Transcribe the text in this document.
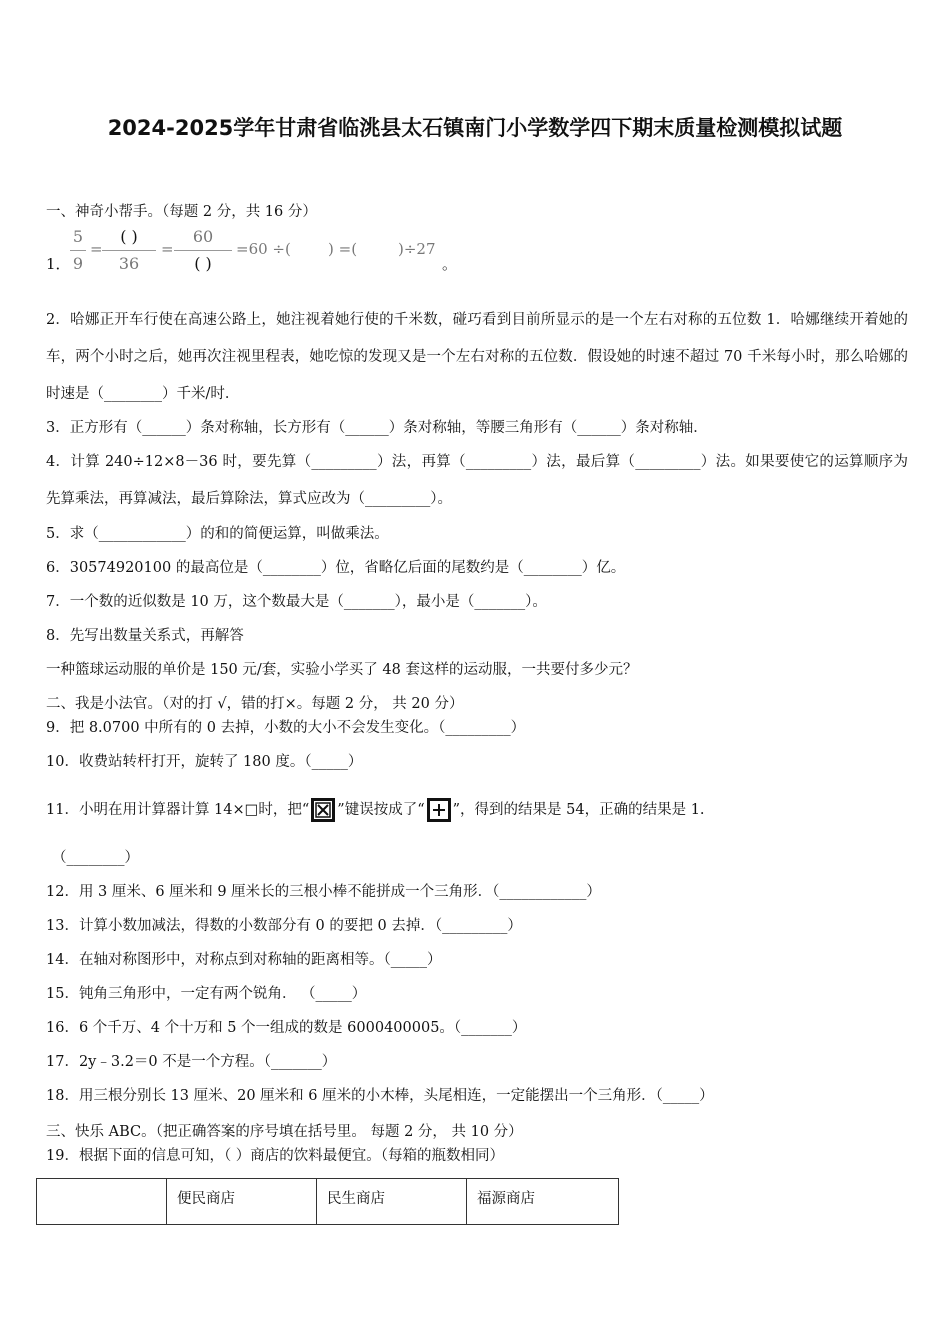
2024-2025学年甘肃省临洮县太石镇南门小学数学四下期末质量检测模拟试题
一、神奇小帮手。（每题 2 分，共 16 分）
1．
5
9
=
( )
36
=
60
( )
=60 ÷( ) =(	)÷27
。
2．哈娜正开车行使在高速公路上，她注视着她行使的千米数，碰巧看到目前所显示的是一个左右对称的五位数 1．哈娜继续开着她的车，两个小时之后，她再次注视里程表，她吃惊的发现又是一个左右对称的五位数．假设她的时速不超过 70 千米每小时，那么哈娜的时速是（________）千米/时．
3．正方形有（______）条对称轴，长方形有（______）条对称轴，等腰三角形有（______）条对称轴．
4．计算 240÷12×8－36 时，要先算（_________）法，再算（_________）法，最后算（_________）法。如果要使它的运算顺序为先算乘法，再算减法，最后算除法，算式应改为（_________）。
5．求（____________）的和的简便运算，叫做乘法。
6．30574920100 的最高位是（________）位，省略亿后面的尾数约是（________）亿。
7．一个数的近似数是 10 万，这个数最大是（_______），最小是（_______）。
8．先写出数量关系式，再解答
一种篮球运动服的单价是 150 元/套，实验小学买了 48 套这样的运动服，一共要付多少元？
二、我是小法官。（对的打 √，错的打×。每题 2 分， 共 20 分）
9．把 8.0700 中所有的 0 去掉，小数的大小不会发生变化。（_________）
10．收费站转杆打开，旋转了 180 度。（_____）
11．小明在用计算器计算 14×□时，把“ ”键误按成了“ ”，得到的结果是 54，正确的结果是 1.
（________）
12．用 3 厘米、6 厘米和 9 厘米长的三根小棒不能拼成一个三角形．（____________）
13．计算小数加减法，得数的小数部分有 0 的要把 0 去掉．（_________）
14．在轴对称图形中，对称点到对称轴的距离相等。（_____）
15．钝角三角形中，一定有两个锐角． （_____）
16．6 个千万、4 个十万和 5 个一组成的数是 6000400005。（_______）
17．2y﹣3.2＝0 不是一个方程。（_______）
18．用三根分别长 13 厘米、20 厘米和 6 厘米的小木棒，头尾相连，一定能摆出一个三角形．（_____）
三、快乐 ABC。（把正确答案的序号填在括号里。 每题 2 分， 共 10 分）
19．根据下面的信息可知，（ ）商店的饮料最便宜。（每箱的瓶数相同）
	便民商店	民生商店	福源商店
